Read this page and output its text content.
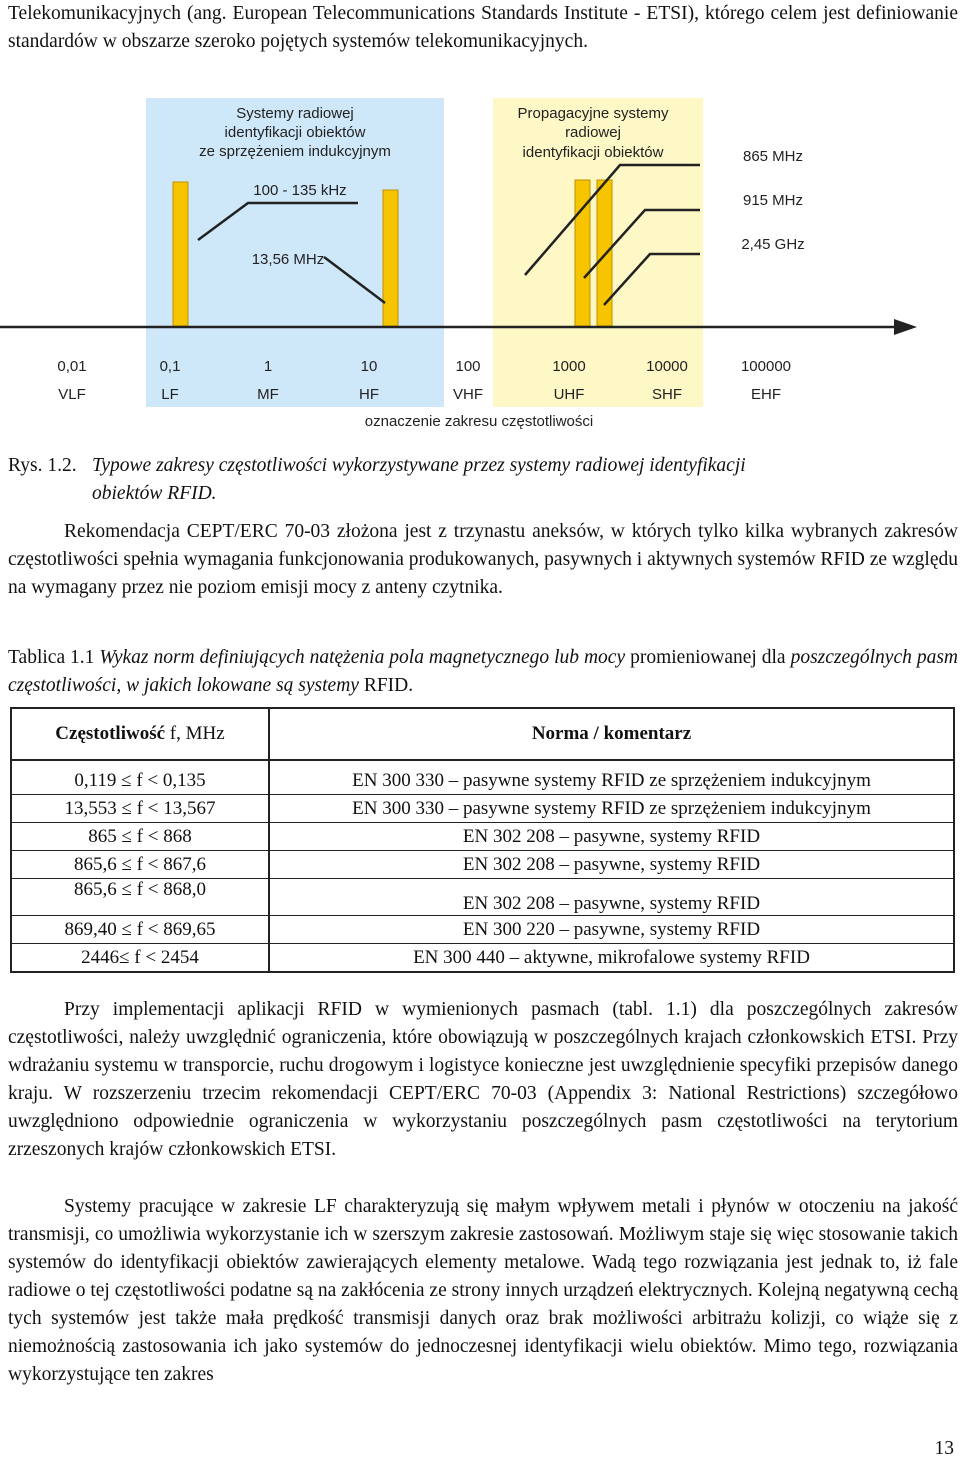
Telekomunikacyjnych (ang. European Telecommunications Standards Institute - ETSI), którego celem jest definiowanie standardów w obszarze szeroko pojętych systemów telekomunikacyjnych.

Systemy radiowej
identyfikacji obiektów
ze sprzężeniem indukcyjnym
Propagacyjne systemy
radiowej
identyfikacji obiektów
100 - 135 kHz
13,56 MHz
865 MHz
915 MHz
2,45 GHz
0,01	0,1	1	10	100	1000	10000	100000
VLF	LF	MF	HF	VHF	UHF	SHF	EHF
oznaczenie zakresu częstotliwości
Rys. 1.2. Typowe zakresy częstotliwości wykorzystywane przez systemy radiowej identyfikacji
obiektów RFID.

Rekomendacja CEPT/ERC 70-03 złożona jest z trzynastu aneksów, w których tylko kilka wybranych zakresów częstotliwości spełnia wymagania funkcjonowania produkowanych, pasywnych i aktywnych systemów RFID ze względu na wymagany przez nie poziom emisji mocy z anteny czytnika.

Tablica 1.1 Wykaz norm definiujących natężenia pola magnetycznego lub mocy promieniowanej dla poszczególnych pasm częstotliwości, w jakich lokowane są systemy RFID.
Częstotliwość f, MHz	Norma / komentarz
0,119 ≤ f < 0,135	EN 300 330 – pasywne systemy RFID ze sprzężeniem indukcyjnym
13,553 ≤ f < 13,567	EN 300 330 – pasywne systemy RFID ze sprzężeniem indukcyjnym
865 ≤ f < 868	EN 302 208 – pasywne, systemy RFID
865,6 ≤ f < 867,6	EN 302 208 – pasywne, systemy RFID
865,6 ≤ f < 868,0	EN 302 208 – pasywne, systemy RFID
869,40 ≤ f < 869,65	EN 300 220 – pasywne, systemy RFID
2446≤ f < 2454	EN 300 440 – aktywne, mikrofalowe systemy RFID

Przy implementacji aplikacji RFID w wymienionych pasmach (tabl. 1.1) dla poszczególnych zakresów częstotliwości, należy uwzględnić ograniczenia, które obowiązują w poszczególnych krajach członkowskich ETSI. Przy wdrażaniu systemu w transporcie, ruchu drogowym i logistyce konieczne jest uwzględnienie specyfiki przepisów danego kraju. W rozszerzeniu trzecim rekomendacji CEPT/ERC 70-03 (Appendix 3: National Restrictions) szczegółowo uwzględniono odpowiednie ograniczenia w wykorzystaniu poszczególnych pasm częstotliwości na terytorium zrzeszonych krajów członkowskich ETSI.

Systemy pracujące w zakresie LF charakteryzują się małym wpływem metali i płynów w otoczeniu na jakość transmisji, co umożliwia wykorzystanie ich w szerszym zakresie zastosowań. Możliwym staje się więc stosowanie takich systemów do identyfikacji obiektów zawierających elementy metalowe. Wadą tego rozwiązania jest jednak to, iż fale radiowe o tej częstotliwości podatne są na zakłócenia ze strony innych urządzeń elektrycznych. Kolejną negatywną cechą tych systemów jest także mała prędkość transmisji danych oraz brak możliwości arbitrażu kolizji, co wiąże się z niemożnością zastosowania ich jako systemów do jednoczesnej identyfikacji wielu obiektów. Mimo tego, rozwiązania wykorzystujące ten zakres

13
